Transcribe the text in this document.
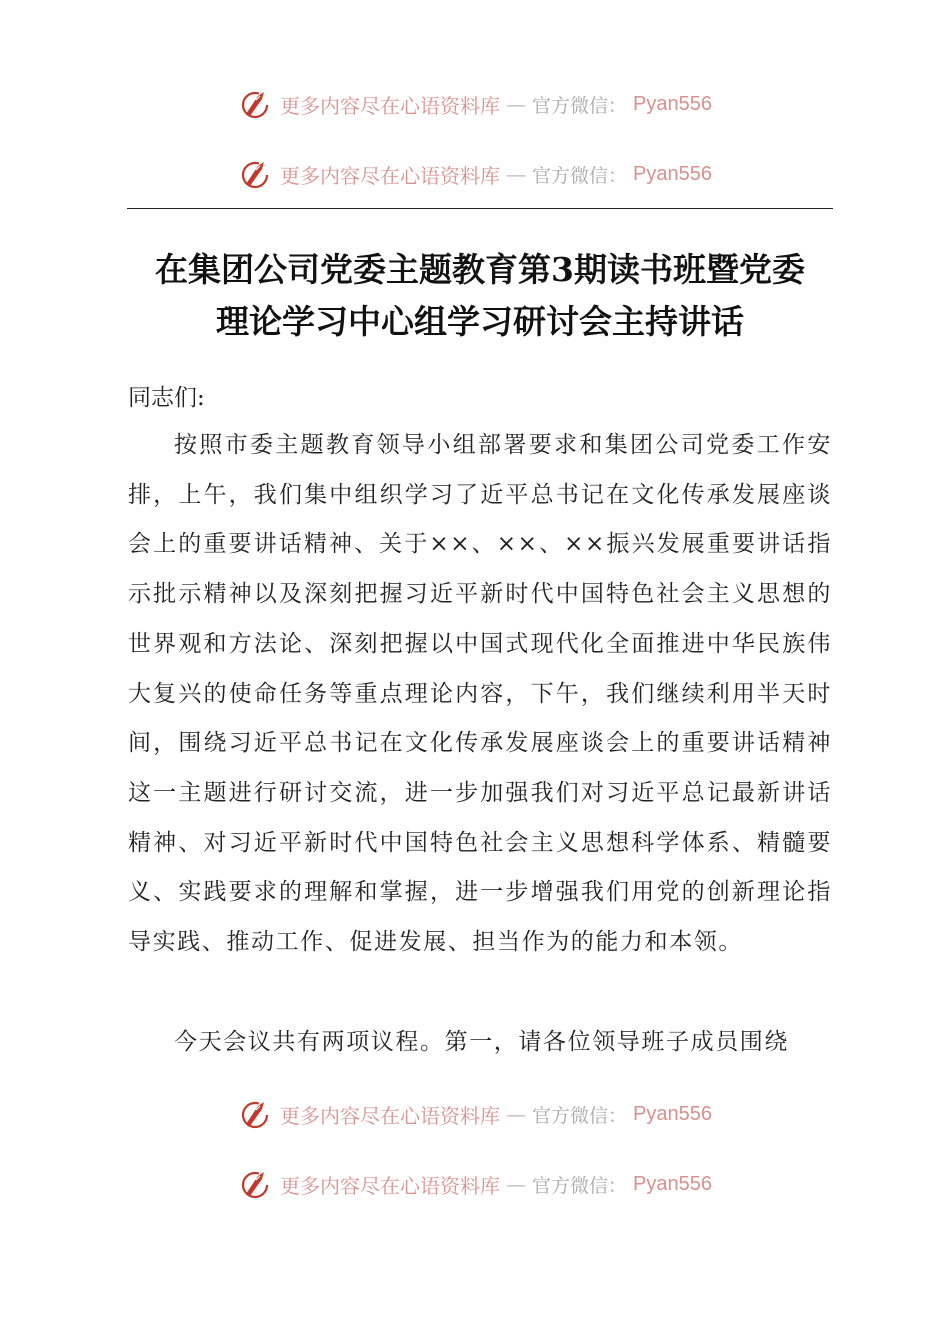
更多内容尽在心语资料库 — 官方微信： Pyan556
更多内容尽在心语资料库 — 官方微信： Pyan556
在集团公司党委主题教育第3期读书班暨党委
理论学习中心组学习研讨会主持讲话
同志们:
按照市委主题教育领导小组部署要求和集团公司党委工作安排，上午，我们集中组织学习了近平总书记在文化传承发展座谈会上的重要讲话精神、关于××、××、××振兴发展重要讲话指示批示精神以及深刻把握习近平新时代中国特色社会主义思想的世界观和方法论、深刻把握以中国式现代化全面推进中华民族伟大复兴的使命任务等重点理论内容，下午，我们继续利用半天时间，围绕习近平总书记在文化传承发展座谈会上的重要讲话精神这一主题进行研讨交流，进一步加强我们对习近平总记最新讲话精神、对习近平新时代中国特色社会主义思想科学体系、精髓要义、实践要求的理解和掌握，进一步增强我们用党的创新理论指导实践、推动工作、促进发展、担当作为的能力和本领。
今天会议共有两项议程。第一，请各位领导班子成员围绕
更多内容尽在心语资料库 — 官方微信： Pyan556
更多内容尽在心语资料库 — 官方微信： Pyan556
